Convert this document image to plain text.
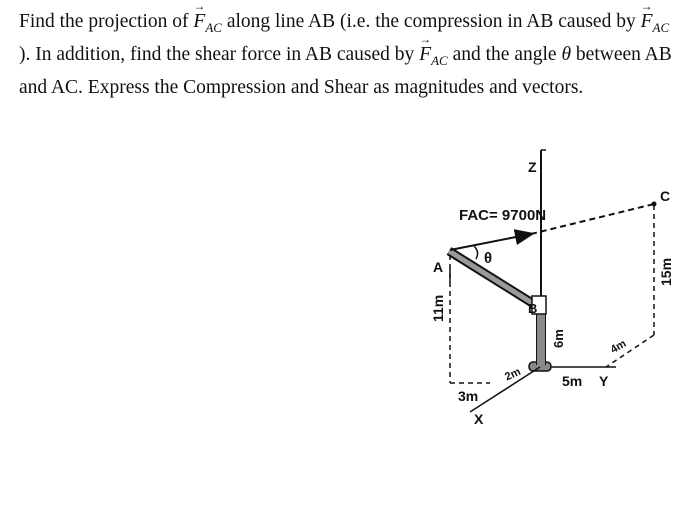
Find the projection of → $F_{AC}$ along line AB (i.e. the compression in AB caused by → $F_{AC}$). In addition, find the shear force in AB caused by → $F_{AC}$ and the angle θ between AB and AC. Express the Compression and Shear as magnitudes and vectors.
Z
FAC= 9700N
θ
A
B
C
X
Y
5m
3m
2m
4m
11m
15m
6m
